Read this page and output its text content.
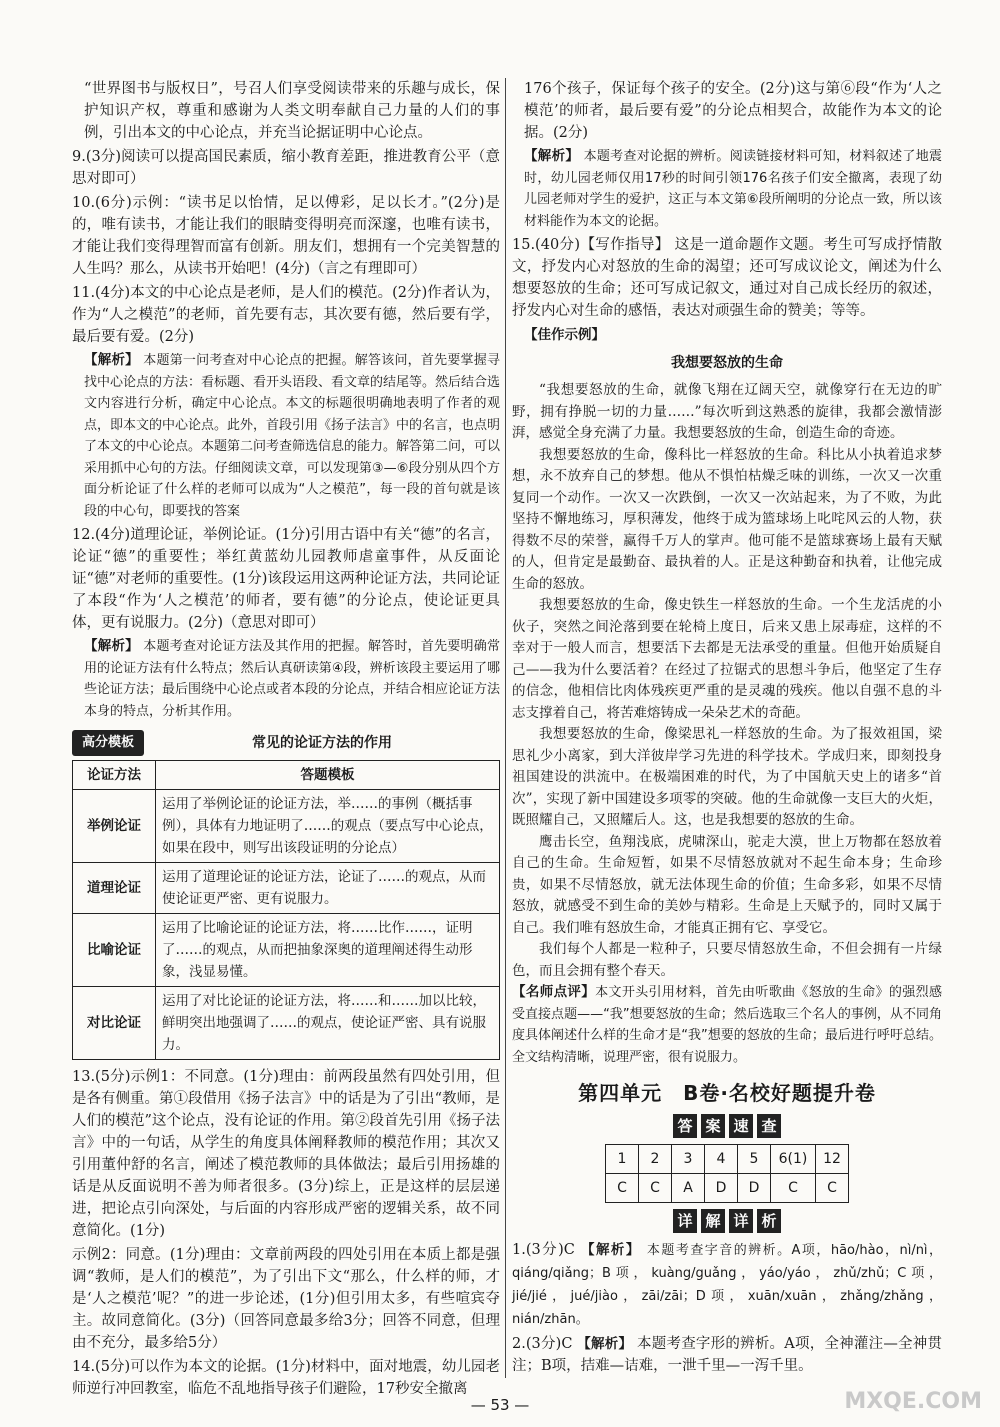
“世界图书与版权日”，号召人们享受阅读带来的乐趣与成长，保护知识产权，尊重和感谢为人类文明奉献自己力量的人们的事例，引出本文的中心论点，并充当论据证明中心论点。

9.(3分)阅读可以提高国民素质，缩小教育差距，推进教育公平（意思对即可）

10.(6分)示例：“读书足以怡情，足以傅彩，足以长才。”(2分)是的，唯有读书，才能让我们的眼睛变得明亮而深邃，也唯有读书，才能让我们变得理智而富有创新。朋友们，想拥有一个完美智慧的人生吗？那么，从读书开始吧！(4分)（言之有理即可）

11.(4分)本文的中心论点是老师，是人们的模范。(2分)作者认为，作为“人之模范”的老师，首先要有志，其次要有德，然后要有学，最后要有爱。(2分)

【解析】 本题第一问考查对中心论点的把握。解答该问，首先要掌握寻找中心论点的方法：看标题、看开头语段、看文章的结尾等。然后结合选文内容进行分析，确定中心论点。本文的标题很明确地表明了作者的观点，即本文的中心论点。此外，首段引用《扬子法言》中的名言，也点明了本文的中心论点。本题第二问考查筛选信息的能力。解答第二问，可以采用抓中心句的方法。仔细阅读文章，可以发现第③—⑥段分别从四个方面分析论证了什么样的老师可以成为“人之模范”，每一段的首句就是该段的中心句，即要找的答案

12.(4分)道理论证，举例论证。(1分)引用古语中有关“德”的名言，论证“德”的重要性；举红黄蓝幼儿园教师虐童事件，从反面论证“德”对老师的重要性。(1分)该段运用这两种论证方法，共同论证了本段“作为‘人之模范’的师者，要有德”的分论点，使论证更具体，更有说服力。(2分)（意思对即可）

【解析】 本题考查对论证方法及其作用的把握。解答时，首先要明确常用的论证方法有什么特点；然后认真研读第④段，辨析该段主要运用了哪些论证方法；最后围绕中心论点或者本段的分论点，并结合相应论证方法本身的特点，分析其作用。

高分模板	常见的论证方法的作用
论证方法	答题模板
举例论证	运用了举例论证的论证方法，举……的事例（概括事例），具体有力地证明了……的观点（要点写中心论点，如果在段中，则写出该段证明的分论点）
道理论证	运用了道理论证的论证方法，论证了……的观点，从而使论证更严密、更有说服力。
比喻论证	运用了比喻论证的论证方法，将……比作……，证明了……的观点，从而把抽象深奥的道理阐述得生动形象，浅显易懂。
对比论证	运用了对比论证的论证方法，将……和……加以比较，鲜明突出地强调了……的观点，使论证严密、具有说服力。

13.(5分)示例1：不同意。(1分)理由：前两段虽然有四处引用，但是各有侧重。第①段借用《扬子法言》中的话是为了引出“教师，是人们的模范”这个论点，没有论证的作用。第②段首先引用《扬子法言》中的一句话，从学生的角度具体阐释教师的模范作用；其次又引用董仲舒的名言，阐述了模范教师的具体做法；最后引用扬雄的话是从反面说明不善为师者很多。(3分)综上，正是这样的层层递进，把论点引向深处，与后面的内容形成严密的逻辑关系，故不同意简化。(1分)

示例2：同意。(1分)理由：文章前两段的四处引用在本质上都是强调“教师，是人们的模范”，为了引出下文“那么，什么样的师，才是‘人之模范’呢？”的进一步论述，(1分)但引用太多，有些喧宾夺主。故同意简化。(3分)（回答同意最多给3分；回答不同意，但理由不充分，最多给5分）

14.(5分)可以作为本文的论据。(1分)材料中，面对地震，幼儿园老师逆行冲回教室，临危不乱地指导孩子们避险，17秒安全撤离

176个孩子，保证每个孩子的安全。(2分)这与第⑥段“作为‘人之模范’的师者，最后要有爱”的分论点相契合，故能作为本文的论据。(2分)

【解析】 本题考查对论据的辨析。阅读链接材料可知，材料叙述了地震时，幼儿园老师仅用17秒的时间引领176名孩子们安全撤离，表现了幼儿园老师对学生的爱护，这正与本文第⑥段所阐明的分论点一致，所以该材料能作为本文的论据。

15.(40分)【写作指导】 这是一道命题作文题。考生可写成抒情散文，抒发内心对怒放的生命的渴望；还可写成议论文，阐述为什么想要怒放的生命；还可写成记叙文，通过对自己成长经历的叙述，抒发内心对生命的感悟，表达对顽强生命的赞美；等等。

【佳作示例】

我想要怒放的生命

“我想要怒放的生命，就像飞翔在辽阔天空，就像穿行在无边的旷野，拥有挣脱一切的力量……”每次听到这熟悉的旋律，我都会激情澎湃，感觉全身充满了力量。我想要怒放的生命，创造生命的奇迹。

我想要怒放的生命，像科比一样怒放的生命。科比从小执着追求梦想，永不放弃自己的梦想。他从不惧怕枯燥乏味的训练，一次又一次重复同一个动作。一次又一次跌倒，一次又一次站起来，为了不败，为此坚持不懈地练习，厚积薄发，他终于成为篮球场上叱咤风云的人物，获得数不尽的荣誉，赢得千万人的掌声。他可能不是篮球赛场上最有天赋的人，但肯定是最勤奋、最执着的人。正是这种勤奋和执着，让他完成生命的怒放。

我想要怒放的生命，像史铁生一样怒放的生命。一个生龙活虎的小伙子，突然之间沦落到要在轮椅上度日，后来又患上尿毒症，这样的不幸对于一般人而言，想要活下去都是无法承受的重量。但他开始质疑自己——我为什么要活着？在经过了拉锯式的思想斗争后，他坚定了生存的信念，他相信比肉体残疾更严重的是灵魂的残疾。他以自强不息的斗志支撑着自己，将苦难熔铸成一朵朵艺术的奇葩。

我想要怒放的生命，像梁思礼一样怒放的生命。为了报效祖国，梁思礼少小离家，到大洋彼岸学习先进的科学技术。学成归来，即刻投身祖国建设的洪流中。在极端困难的时代，为了中国航天史上的诸多“首次”，实现了新中国建设多项零的突破。他的生命就像一支巨大的火炬，既照耀自己，又照耀后人。这，也是我想要的怒放的生命。

鹰击长空，鱼翔浅底，虎啸深山，驼走大漠，世上万物都在怒放着自己的生命。生命短暂，如果不尽情怒放就对不起生命本身；生命珍贵，如果不尽情怒放，就无法体现生命的价值；生命多彩，如果不尽情怒放，就感受不到生命的美妙与精彩。生命是上天赋予的，同时又属于自己。我们唯有怒放生命，才能真正拥有它、享受它。

我们每个人都是一粒种子，只要尽情怒放生命，不但会拥有一片绿色，而且会拥有整个春天。

【名师点评】本文开头引用材料，首先由听歌曲《怒放的生命》的强烈感受直接点题——“我”想要怒放的生命；然后选取三个名人的事例，从不同角度具体阐述什么样的生命才是“我”想要的怒放的生命；最后进行呼吁总结。全文结构清晰，说理严密，很有说服力。

第四单元　B卷·名校好题提升卷
答 案 速 查
1	2	3	4	5	6(1)	12
C	C	A	D	D	C	C
详 解 详 析

1.(3分)C 【解析】 本题考查字音的辨析。A项，hāo/hào，nì/nì，qiáng/qiǎng；B项，kuàng/guǎng，yáo/yáo，zhǔ/zhǔ；C项，jié/jié，jué/jiào，zāi/zāi；D项，xuān/xuān，zhǎng/zhǎng，nián/zhān。

2.(3分)C 【解析】 本题考查字形的辨析。A项，全神灌注—全神贯注；B项，拮难—诘难，一泄千里—一泻千里。

— 53 —	MXQE.COM
